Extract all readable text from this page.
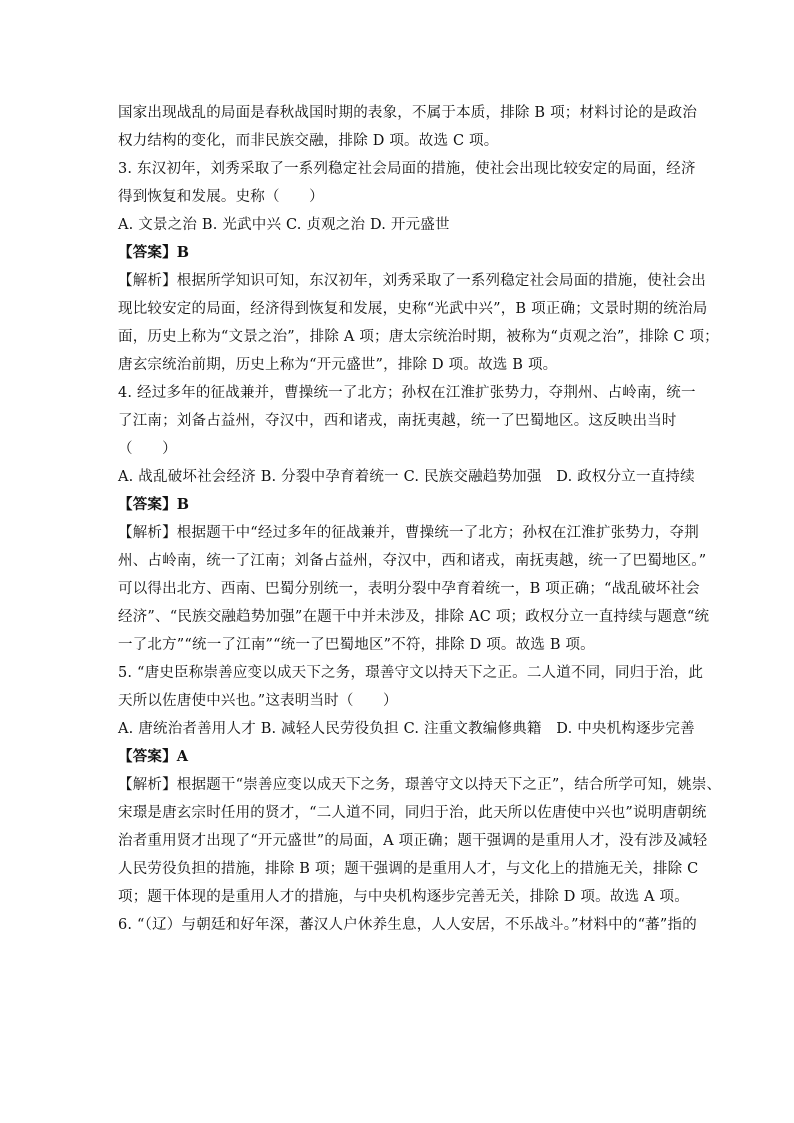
国家出现战乱的局面是春秋战国时期的表象，不属于本质，排除 B 项；材料讨论的是政治
权力结构的变化，而非民族交融，排除 D 项。故选 C 项。
3. 东汉初年，刘秀采取了一系列稳定社会局面的措施，使社会出现比较安定的局面，经济
得到恢复和发展。史称（　　）
A. 文景之治 B. 光武中兴 C. 贞观之治 D. 开元盛世
【答案】B
【解析】根据所学知识可知，东汉初年，刘秀采取了一系列稳定社会局面的措施，使社会出
现比较安定的局面，经济得到恢复和发展，史称“光武中兴”，B 项正确；文景时期的统治局
面，历史上称为“文景之治”，排除 A 项；唐太宗统治时期，被称为“贞观之治”，排除 C 项；
唐玄宗统治前期，历史上称为“开元盛世”，排除 D 项。故选 B 项。
4. 经过多年的征战兼并，曹操统一了北方；孙权在江淮扩张势力，夺荆州、占岭南，统一
了江南；刘备占益州，夺汉中，西和诸戎，南抚夷越，统一了巴蜀地区。这反映出当时
（　　）
A. 战乱破坏社会经济 B. 分裂中孕育着统一 C. 民族交融趋势加强　D. 政权分立一直持续
【答案】B
【解析】根据题干中“经过多年的征战兼并，曹操统一了北方；孙权在江淮扩张势力，夺荆
州、占岭南，统一了江南；刘备占益州，夺汉中，西和诸戎，南抚夷越，统一了巴蜀地区。”
可以得出北方、西南、巴蜀分别统一，表明分裂中孕育着统一，B 项正确；“战乱破坏社会
经济”、“民族交融趋势加强”在题干中并未涉及，排除 AC 项；政权分立一直持续与题意“统
一了北方”“统一了江南”“统一了巴蜀地区”不符，排除 D 项。故选 B 项。
5. “唐史臣称崇善应变以成天下之务，璟善守文以持天下之正。二人道不同，同归于治，此
天所以佐唐使中兴也。”这表明当时（　　）
A. 唐统治者善用人才 B. 减轻人民劳役负担 C. 注重文教编修典籍　D. 中央机构逐步完善
【答案】A
【解析】根据题干“崇善应变以成天下之务，璟善守文以持天下之正”，结合所学可知，姚崇、
宋璟是唐玄宗时任用的贤才，“二人道不同，同归于治，此天所以佐唐使中兴也”说明唐朝统
治者重用贤才出现了“开元盛世”的局面，A 项正确；题干强调的是重用人才，没有涉及减轻
人民劳役负担的措施，排除 B 项；题干强调的是重用人才，与文化上的措施无关，排除 C
项；题干体现的是重用人才的措施，与中央机构逐步完善无关，排除 D 项。故选 A 项。
6. “（辽）与朝廷和好年深，蕃汉人户休养生息，人人安居，不乐战斗。”材料中的“蕃”指的
